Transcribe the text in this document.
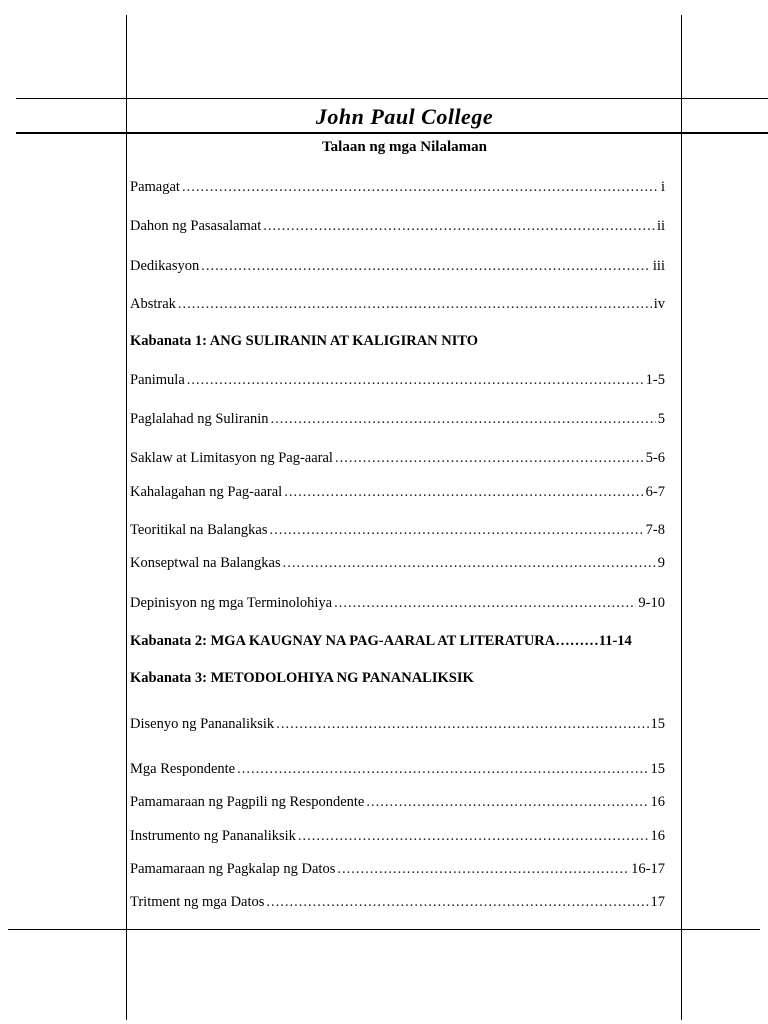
John Paul College
Talaan ng mga Nilalaman
Pamagat .....	i
Dahon ng Pasasalamat .....	ii
Dedikasyon .....	iii
Abstrak .....	iv
Kabanata 1: ANG SULIRANIN AT KALIGIRAN NITO
Panimula .....	1-5
Paglalahad ng Suliranin .....	5
Saklaw at Limitasyon ng Pag-aaral .....	5-6
Kahalagahan ng Pag-aaral .....	6-7
Teoritikal na Balangkas .....	7-8
Konseptwal na Balangkas .....	9
Depinisyon ng mga Terminolohiya .....	9-10
Kabanata 2: MGA KAUGNAY NA PAG-AARAL AT LITERATURA……… 11-14
Kabanata 3: METODOLOHIYA NG PANANALIKSIK
Disenyo ng Pananaliksik .....	15
Mga Respondente .....	15
Pamamaraan ng Pagpili ng Respondente .....	16
Instrumento ng Pananaliksik .....	16
Pamamaraan ng Pagkalap ng Datos .....	16-17
Tritment ng mga Datos .....	17
